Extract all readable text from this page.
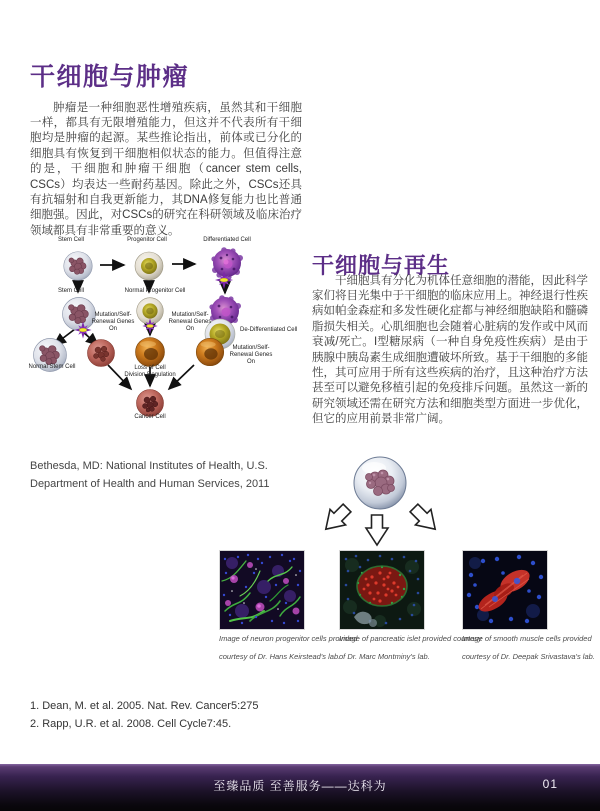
干细胞与肿瘤

肿瘤是一种细胞恶性增殖疾病，虽然其和干细胞一样，都具有无限增殖能力，但这并不代表所有干细胞均是肿瘤的起源。某些推论指出，前体或已分化的细胞具有恢复到干细胞相似状态的能力。但值得注意的是，干细胞和肿瘤干细胞（cancer stem cells, CSCs）均表达一些耐药基因。除此之外，CSCs还具有抗辐射和自我更新能力，其DNA修复能力也比普通细胞强。因此，对CSCs的研究在科研领域及临床治疗领域都具有非常重要的意义。

干细胞与再生

干细胞具有分化为机体任意细胞的潜能，因此科学家们将目光集中于干细胞的临床应用上。神经退行性疾病如帕金森症和多发性硬化症都与神经细胞缺陷和髓磷脂损失相关。心肌细胞也会随着心脏病的发作或中风而衰减/死亡。I型糖尿病（一种自身免疫性疾病）是由于胰腺中胰岛素生成细胞遭破坏所致。基于干细胞的多能性，其可应用于所有这些疾病的治疗，且这种治疗方法甚至可以避免移植引起的免疫排斥问题。虽然这一新的研究领域还需在研究方法和细胞类型方面进一步优化，但它的应用前景非常广阔。

Bethesda, MD: National Institutes of Health, U.S.
Department of Health and Human Services, 2011
Stem Cell	Progenitor Cell	Differentiated Cell
Stem Cell	Normal Progenitor Cell
Mutation/Self-Renewal Genes On
Mutation/Self-Renewal Genes On	De-Differentiated Cell
Normal Stem Cell	Loss of Cell Division Regulation
Mutation/Self-Renewal Genes On
Cancer Cell
Image of neuron progenitor cells provided
courtesy of Dr. Hans Keirstead's lab.
Image of pancreatic islet provided courtesy
of Dr. Marc Montminy's lab.
Image of smooth muscle cells provided
courtesy of Dr. Deepak Srivastava's lab.
1. Dean, M. et al. 2005. Nat. Rev. Cancer5:275
2. Rapp, U.R. et al. 2008. Cell Cycle7:45.
至臻品质 至善服务——达科为	01
